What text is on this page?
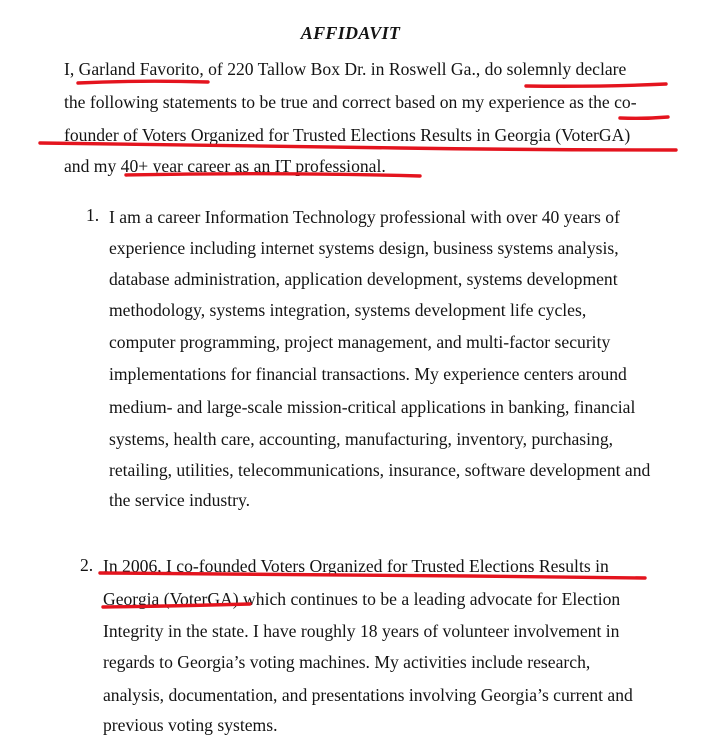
AFFIDAVIT
I, Garland Favorito, of 220 Tallow Box Dr. in Roswell Ga., do solemnly declare
the following statements to be true and correct based on my experience as the co-
founder of Voters Organized for Trusted Elections Results in Georgia (VoterGA)
and my 40+ year career as an IT professional.
1. I am a career Information Technology professional with over 40 years of
experience including internet systems design, business systems analysis,
database administration, application development, systems development
methodology, systems integration, systems development life cycles,
computer programming, project management, and multi-factor security
implementations for financial transactions. My experience centers around
medium- and large-scale mission-critical applications in banking, financial
systems, health care, accounting, manufacturing, inventory, purchasing,
retailing, utilities, telecommunications, insurance, software development and
the service industry.
2. In 2006, I co-founded Voters Organized for Trusted Elections Results in
Georgia (VoterGA) which continues to be a leading advocate for Election
Integrity in the state. I have roughly 18 years of volunteer involvement in
regards to Georgia’s voting machines. My activities include research,
analysis, documentation, and presentations involving Georgia’s current and
previous voting systems.
